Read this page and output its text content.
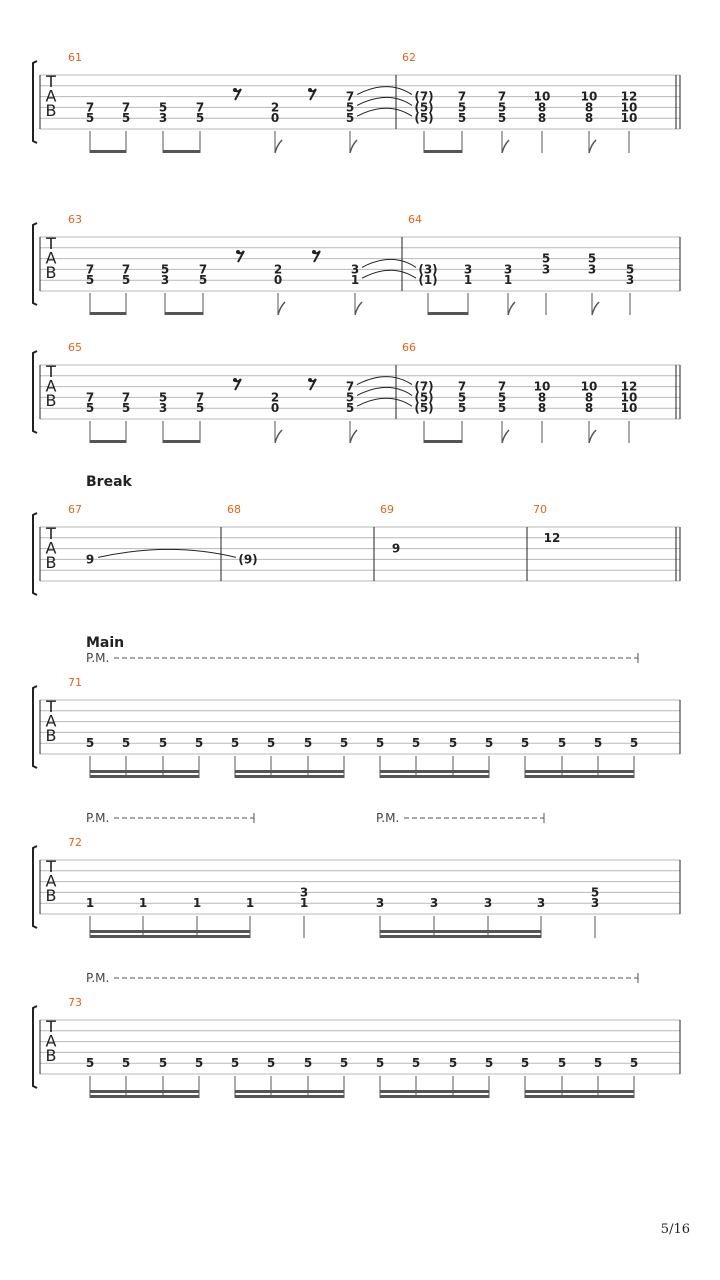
T
A
B
61
7
5
7
5
5
3
7
5
2
0
7
5
5
62
(7)
(5)
(5)
7
5
5
7
5
5
10
8
8
10
8
8
12
10
10
T
A
B
63
7
5
7
5
5
3
7
5
2
0
3
1
64
(3)
(1)
3
1
3
1
5
3
5
3 5
3
T
A
B
65
7
5
7
5
5
3
7
5
2
0
7
5
5
66
(7)
(5)
(5)
7
5
5
7
5
5
10
8
8
10
8
8
12
10
10
T
A
B
Break
67
9
68
(9)
69
9
70
12
T
A
B
Main
P.M.
71
5 5 5 5 5 5 5 5 5 5 5 5 5 5 5 5
T
A
B
P.M.	P.M.
72
1	1	1	1
3
1	3	3	3	3
5
3
T
A
B
P.M.
73
5 5 5 5 5 5 5 5 5 5 5 5 5 5 5 5
5/16
